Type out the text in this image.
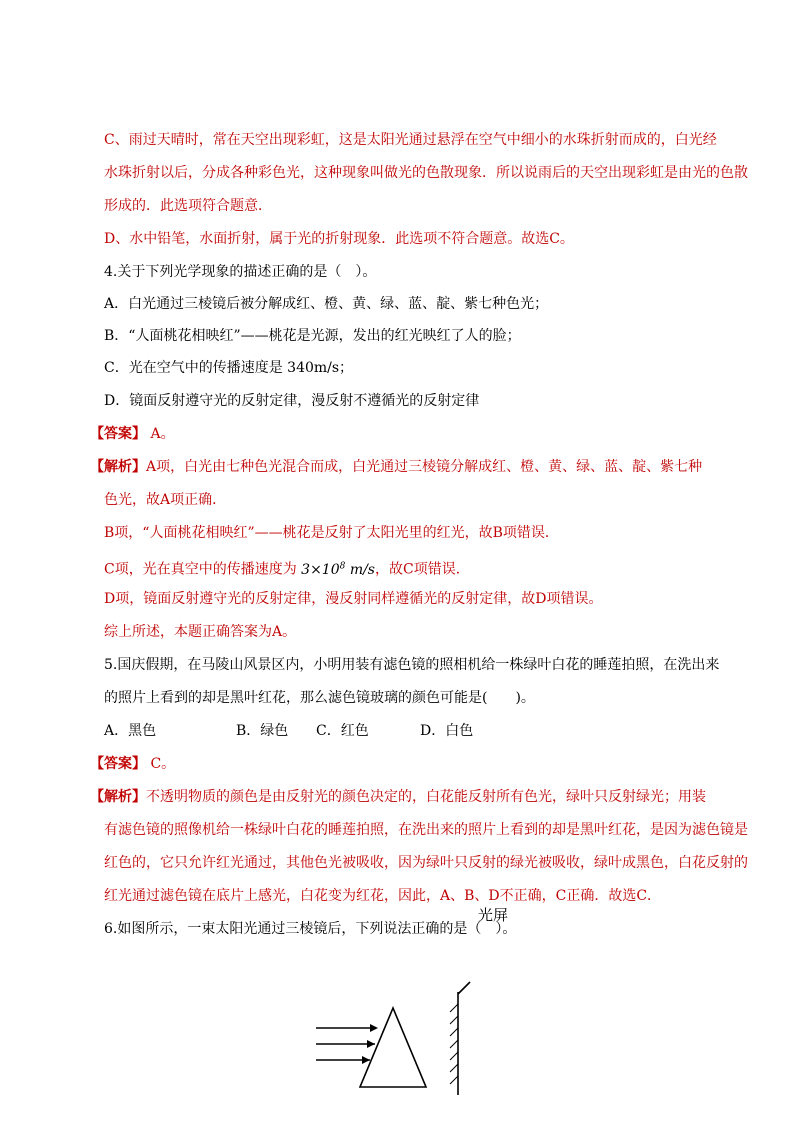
C、雨过天晴时，常在天空出现彩虹，这是太阳光通过悬浮在空气中细小的水珠折射而成的，白光经
水珠折射以后，分成各种彩色光，这种现象叫做光的色散现象．所以说雨后的天空出现彩虹是由光的色散
形成的．此选项符合题意．
D、水中铅笔，水面折射，属于光的折射现象．此选项不符合题意。故选C。
4.关于下列光学现象的描述正确的是（　）。
A．白光通过三棱镜后被分解成红、橙、黄、绿、蓝、靛、紫七种色光；
B．“人面桃花相映红”——桃花是光源，发出的红光映红了人的脸；
C．光在空气中的传播速度是 340m/s；
D．镜面反射遵守光的反射定律，漫反射不遵循光的反射定律
【答案】 A。
【解析】A项，白光由七种色光混合而成，白光通过三棱镜分解成红、橙、黄、绿、蓝、靛、紫七种
色光，故A项正确．
B项，“人面桃花相映红”——桃花是反射了太阳光里的红光，故B项错误．
C项，光在真空中的传播速度为 $3\times 10^8$ m/s，故C项错误．
D项，镜面反射遵守光的反射定律，漫反射同样遵循光的反射定律，故D项错误。
综上所述，本题正确答案为A。
5.国庆假期，在马陵山风景区内，小明用装有滤色镜的照相机给一株绿叶白花的睡莲拍照，在洗出来
的照片上看到的却是黑叶红花，那么滤色镜玻璃的颜色可能是(　　)。
A．黑色	B．绿色 C．红色	D．白色
【答案】 C。
【解析】不透明物质的颜色是由反射光的颜色决定的，白花能反射所有色光，绿叶只反射绿光；用装
有滤色镜的照像机给一株绿叶白花的睡莲拍照，在洗出来的照片上看到的却是黑叶红花，是因为滤色镜是
红色的，它只允许红光通过，其他色光被吸收，因为绿叶只反射的绿光被吸收，绿叶成黑色，白花反射的
红光通过滤色镜在底片上感光，白花变为红花，因此，A、B、D不正确，C正确．故选C．
6.如图所示，一束太阳光通过三棱镜后，下列说法正确的是（　）。
光屏
